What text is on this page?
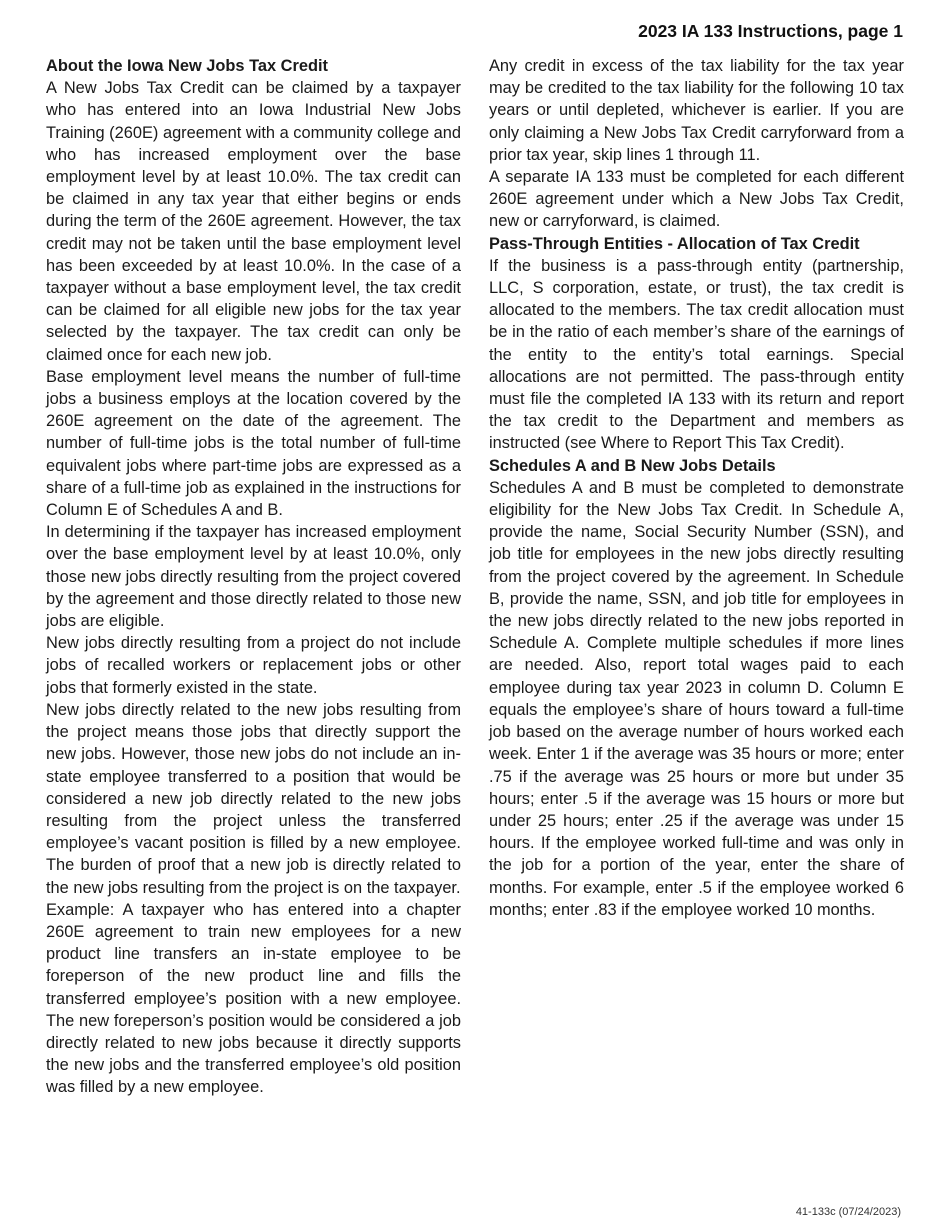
2023 IA 133 Instructions, page 1
About the Iowa New Jobs Tax Credit

A New Jobs Tax Credit can be claimed by a taxpayer who has entered into an Iowa Industrial New Jobs Training (260E) agreement with a community college and who has increased employment over the base employment level by at least 10.0%. The tax credit can be claimed in any tax year that either begins or ends during the term of the 260E agreement. However, the tax credit may not be taken until the base employment level has been exceeded by at least 10.0%. In the case of a taxpayer without a base employment level, the tax credit can be claimed for all eligible new jobs for the tax year selected by the taxpayer. The tax credit can only be claimed once for each new job.

Base employment level means the number of full-time jobs a business employs at the location covered by the 260E agreement on the date of the agreement. The number of full-time jobs is the total number of full-time equivalent jobs where part-time jobs are expressed as a share of a full-time job as explained in the instructions for Column E of Schedules A and B.

In determining if the taxpayer has increased employment over the base employment level by at least 10.0%, only those new jobs directly resulting from the project covered by the agreement and those directly related to those new jobs are eligible.

New jobs directly resulting from a project do not include jobs of recalled workers or replacement jobs or other jobs that formerly existed in the state.

New jobs directly related to the new jobs resulting from the project means those jobs that directly support the new jobs. However, those new jobs do not include an in-state employee transferred to a position that would be considered a new job directly related to the new jobs resulting from the project unless the transferred employee’s vacant position is filled by a new employee. The burden of proof that a new job is directly related to the new jobs resulting from the project is on the taxpayer.

Example: A taxpayer who has entered into a chapter 260E agreement to train new employees for a new product line transfers an in-state employee to be foreperson of the new product line and fills the transferred employee’s position with a new employee. The new foreperson’s position would be considered a job directly related to new jobs because it directly supports the new jobs and the transferred employee’s old position was filled by a new employee.

Any credit in excess of the tax liability for the tax year may be credited to the tax liability for the following 10 tax years or until depleted, whichever is earlier. If you are only claiming a New Jobs Tax Credit carryforward from a prior tax year, skip lines 1 through 11.

A separate IA 133 must be completed for each different 260E agreement under which a New Jobs Tax Credit, new or carryforward, is claimed.

Pass-Through Entities - Allocation of Tax Credit

If the business is a pass-through entity (partnership, LLC, S corporation, estate, or trust), the tax credit is allocated to the members. The tax credit allocation must be in the ratio of each member’s share of the earnings of the entity to the entity’s total earnings. Special allocations are not permitted. The pass-through entity must file the completed IA 133 with its return and report the tax credit to the Department and members as instructed (see Where to Report This Tax Credit).

Schedules A and B New Jobs Details

Schedules A and B must be completed to demonstrate eligibility for the New Jobs Tax Credit. In Schedule A, provide the name, Social Security Number (SSN), and job title for employees in the new jobs directly resulting from the project covered by the agreement. In Schedule B, provide the name, SSN, and job title for employees in the new jobs directly related to the new jobs reported in Schedule A. Complete multiple schedules if more lines are needed. Also, report total wages paid to each employee during tax year 2023 in column D. Column E equals the employee’s share of hours toward a full-time job based on the average number of hours worked each week. Enter 1 if the average was 35 hours or more; enter .75 if the average was 25 hours or more but under 35 hours; enter .5 if the average was 15 hours or more but under 25 hours; enter .25 if the average was under 15 hours. If the employee worked full-time and was only in the job for a portion of the year, enter the share of months. For example, enter .5 if the employee worked 6 months; enter .83 if the employee worked 10 months.

41-133c (07/24/2023)
